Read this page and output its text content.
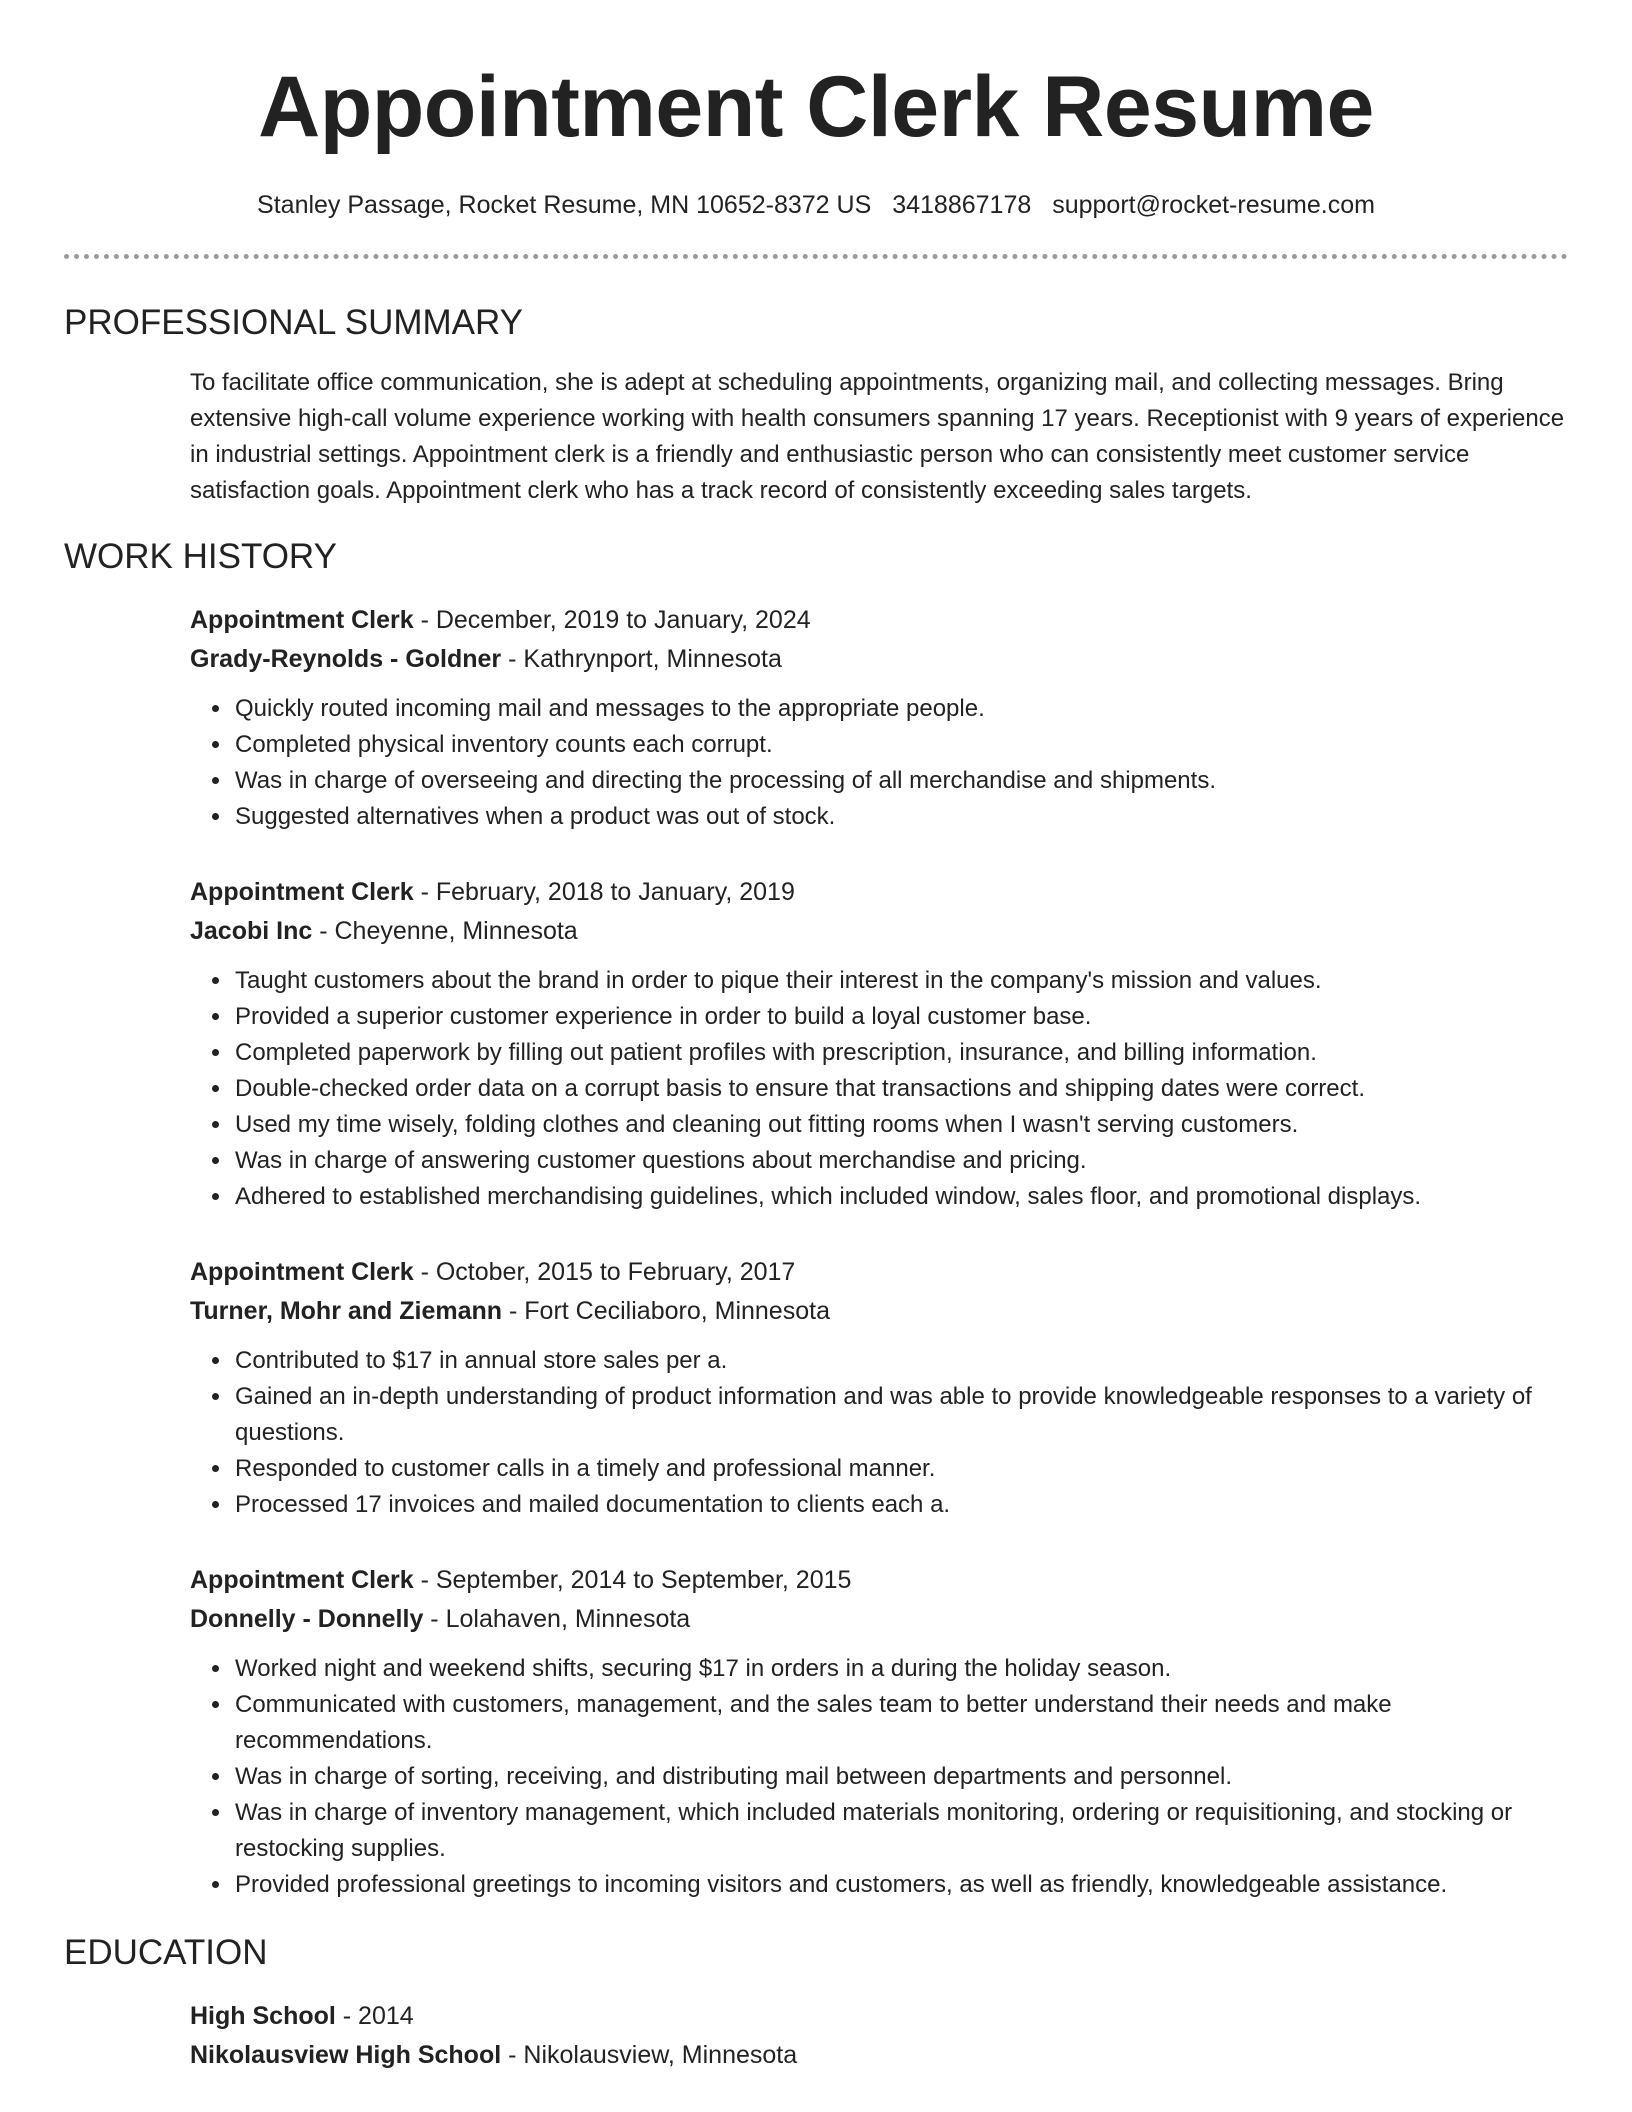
Appointment Clerk Resume
Stanley Passage, Rocket Resume, MN 10652-8372 US 3418867178 support@rocket-resume.com
PROFESSIONAL SUMMARY
To facilitate office communication, she is adept at scheduling appointments, organizing mail, and collecting messages. Bring extensive high-call volume experience working with health consumers spanning 17 years. Receptionist with 9 years of experience in industrial settings. Appointment clerk is a friendly and enthusiastic person who can consistently meet customer service satisfaction goals. Appointment clerk who has a track record of consistently exceeding sales targets.
WORK HISTORY
Appointment Clerk - December, 2019 to January, 2024
Grady-Reynolds - Goldner - Kathrynport, Minnesota
• Quickly routed incoming mail and messages to the appropriate people.
• Completed physical inventory counts each corrupt.
• Was in charge of overseeing and directing the processing of all merchandise and shipments.
• Suggested alternatives when a product was out of stock.
Appointment Clerk - February, 2018 to January, 2019
Jacobi Inc - Cheyenne, Minnesota
• Taught customers about the brand in order to pique their interest in the company's mission and values.
• Provided a superior customer experience in order to build a loyal customer base.
• Completed paperwork by filling out patient profiles with prescription, insurance, and billing information.
• Double-checked order data on a corrupt basis to ensure that transactions and shipping dates were correct.
• Used my time wisely, folding clothes and cleaning out fitting rooms when I wasn't serving customers.
• Was in charge of answering customer questions about merchandise and pricing.
• Adhered to established merchandising guidelines, which included window, sales floor, and promotional displays.
Appointment Clerk - October, 2015 to February, 2017
Turner, Mohr and Ziemann - Fort Ceciliaboro, Minnesota
• Contributed to $17 in annual store sales per a.
• Gained an in-depth understanding of product information and was able to provide knowledgeable responses to a variety of questions.
• Responded to customer calls in a timely and professional manner.
• Processed 17 invoices and mailed documentation to clients each a.
Appointment Clerk - September, 2014 to September, 2015
Donnelly - Donnelly - Lolahaven, Minnesota
• Worked night and weekend shifts, securing $17 in orders in a during the holiday season.
• Communicated with customers, management, and the sales team to better understand their needs and make recommendations.
• Was in charge of sorting, receiving, and distributing mail between departments and personnel.
• Was in charge of inventory management, which included materials monitoring, ordering or requisitioning, and stocking or restocking supplies.
• Provided professional greetings to incoming visitors and customers, as well as friendly, knowledgeable assistance.
EDUCATION
High School - 2014
Nikolausview High School - Nikolausview, Minnesota
